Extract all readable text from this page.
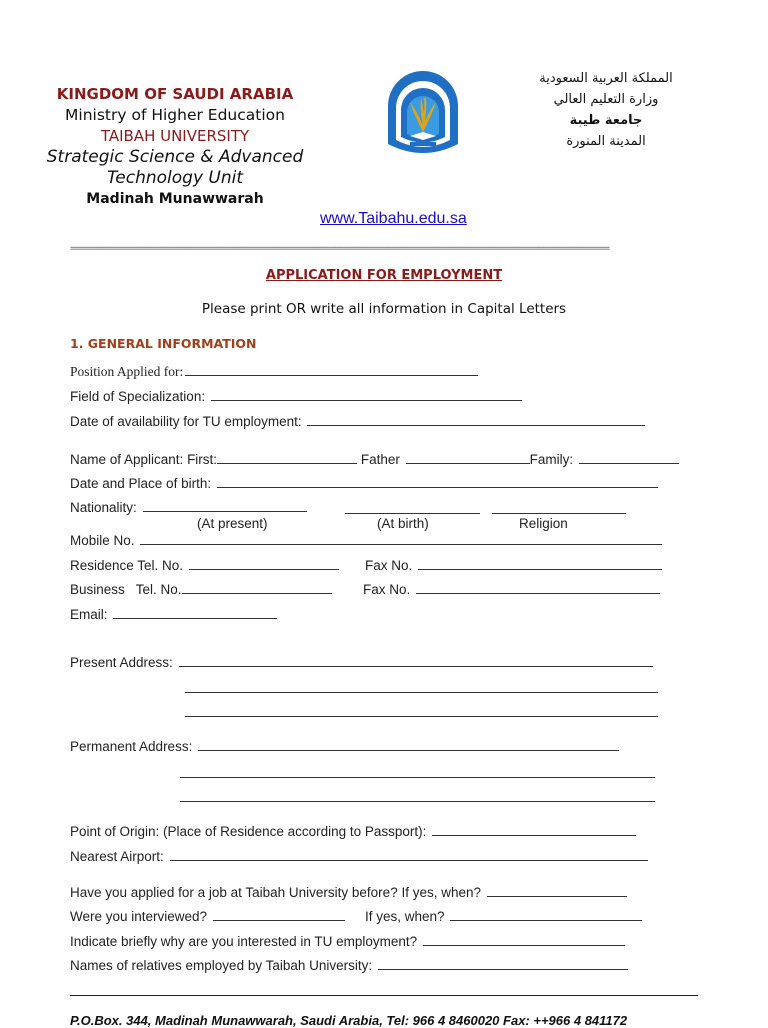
KINGDOM OF SAUDI ARABIA
Ministry of Higher Education
TAIBAH UNIVERSITY
Strategic Science & Advanced
Technology Unit
Madinah Munawwarah
المملكة العربية السعودية
وزارة التعليم العالي
جامعة طيبة
المدينة المنورة
www.Taibahu.edu.sa
==========================================================================================================================
APPLICATION FOR EMPLOYMENT
Please print OR write all information in Capital Letters
1. GENERAL INFORMATION
Position Applied for:
Field of Specialization:
Date of availability for TU employment:
Name of Applicant: First:	Father	Family:
Date and Place of birth:
Nationality:
(At present)	(At birth)	Religion
Mobile No.
Residence Tel. No.	Fax No.
Business   Tel. No.	Fax No.
Email:
Present Address:
Permanent Address:
Point of Origin: (Place of Residence according to Passport):
Nearest Airport:
Have you applied for a job at Taibah University before? If yes, when?
Were you interviewed?	If yes, when?
Indicate briefly why are you interested in TU employment?
Names of relatives employed by Taibah University:
P.O.Box. 344, Madinah Munawwarah, Saudi Arabia, Tel: 966 4 8460020 Fax: ++966 4 841172
